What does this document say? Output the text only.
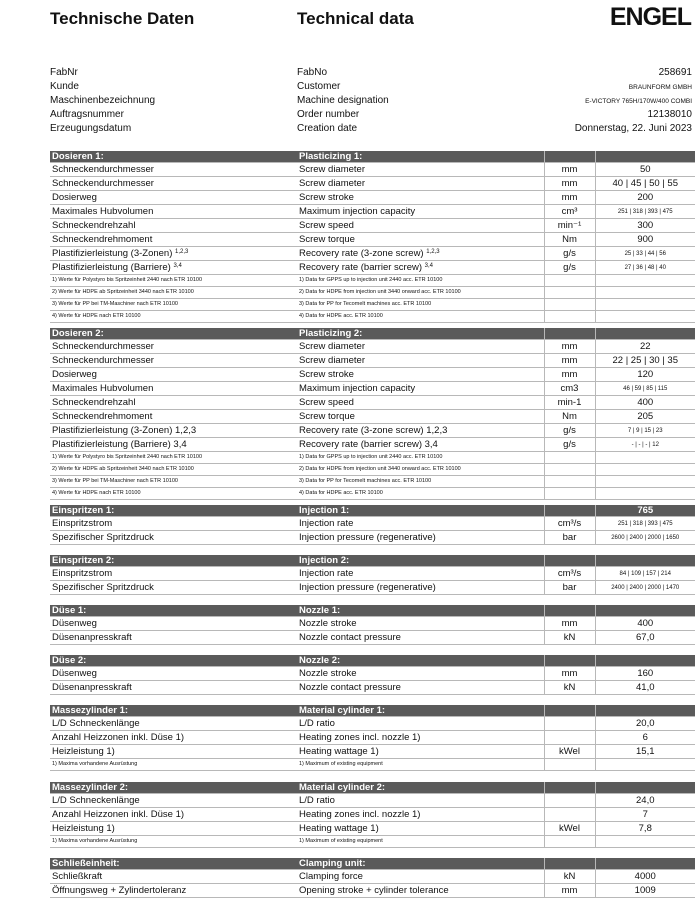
Technische Daten	Technical data	ENGEL
FabNr	FabNo	258691
Kunde	Customer	BRAUNFORM GMBH
Maschinenbezeichnung	Machine designation	E-VICTORY 765H/170W/400 COMBI
Auftragsnummer	Order number	12138010
Erzeugungsdatum	Creation date	Donnerstag, 22. Juni 2023
Dosieren 1:	Plasticizing 1:		
Schneckendurchmesser	Screw diameter	mm	50
Schneckendurchmesser	Screw diameter	mm	40 | 45 | 50 | 55
Dosierweg	Screw stroke	mm	200
Maximales Hubvolumen	Maximum injection capacity	cm³	251 | 318 | 393 | 475
Schneckendrehzahl	Screw speed	min⁻¹	300
Schneckendrehmoment	Screw torque	Nm	900
Plastifizierleistung (3-Zonen) $^{1,2,3}$	Recovery rate (3-zone screw) $^{1,2,3}$	g/s	25 | 33 | 44 | 56
Plastifizierleistung (Barriere) $^{3,4}$	Recovery rate (barrier screw) $^{3,4}$	g/s	27 | 36 | 48 | 40
1) Werte für Polystyro bis Spritzeinheit 2440 nach ETR 10100	1) Data for GPPS up to injection unit 2440 acc. ETR 10100		
2) Werte für HDPE ab Spritzeinheit 3440 nach ETR 10100	2) Data for HDPE from injection unit 3440 onward acc. ETR 10100		
3) Werte für PP bei TM-Maschiner nach ETR 10100	3) Data for PP for Tecomelt machines acc. ETR 10100		
4) Werte für HDPE nach ETR 10100	4) Data for HDPE acc. ETR 10100		
Dosieren 2:	Plasticizing 2:		
Schneckendurchmesser	Screw diameter	mm	22
Schneckendurchmesser	Screw diameter	mm	22 | 25 | 30 | 35
Dosierweg	Screw stroke	mm	120
Maximales Hubvolumen	Maximum injection capacity	cm3	46 | 59 | 85 | 115
Schneckendrehzahl	Screw speed	min-1	400
Schneckendrehmoment	Screw torque	Nm	205
Plastifizierleistung (3-Zonen) 1,2,3	Recovery rate (3-zone screw) 1,2,3	g/s	7 | 9 | 15 | 23
Plastifizierleistung (Barriere) 3,4	Recovery rate (barrier screw) 3,4	g/s	- | - | - | 12
1) Werte für Polystyro bis Spritzeinheit 2440 nach ETR 10100	1) Data for GPPS up to injection unit 2440 acc. ETR 10100		
2) Werte für HDPE ab Spritzeinheit 3440 nach ETR 10100	2) Data for HDPE from injection unit 3440 onward acc. ETR 10100		
3) Werte für PP bei TM-Maschiner nach ETR 10100	3) Data for PP for Tecomelt machines acc. ETR 10100		
4) Werte für HDPE nach ETR 10100	4) Data for HDPE acc. ETR 10100		
Einspritzen 1:	Injection 1:		765
Einspritzstrom	Injection rate	cm³/s	251 | 318 | 393 | 475
Spezifischer Spritzdruck	Injection pressure (regenerative)	bar	2600 | 2400 | 2000 | 1650
Einspritzen 2:	Injection 2:		
Einspritzstrom	Injection rate	cm³/s	84 | 109 | 157 | 214
Spezifischer Spritzdruck	Injection pressure (regenerative)	bar	2400 | 2400 | 2000 | 1470
Düse 1:	Nozzle 1:		
Düsenweg	Nozzle stroke	mm	400
Düsenanpresskraft	Nozzle contact pressure	kN	67,0
Düse 2:	Nozzle 2:		
Düsenweg	Nozzle stroke	mm	160
Düsenanpresskraft	Nozzle contact pressure	kN	41,0
Massezylinder 1:	Material cylinder 1:		
L/D Schneckenlänge	L/D ratio		20,0
Anzahl Heizzonen inkl. Düse 1)	Heating zones incl. nozzle 1)		6
Heizleistung 1)	Heating wattage 1)	kWel	15,1
1) Maxima vorhandene Ausrüstung	1) Maximum of existing equipment		
Massezylinder 2:	Material cylinder 2:		
L/D Schneckenlänge	L/D ratio		24,0
Anzahl Heizzonen inkl. Düse 1)	Heating zones incl. nozzle 1)		7
Heizleistung 1)	Heating wattage 1)	kWel	7,8
1) Maxima vorhandene Ausrüstung	1) Maximum of existing equipment		
Schließeinheit:	Clamping unit:		
Schließkraft	Clamping force	kN	4000
Öffnungsweg + Zylindertoleranz	Opening stroke + cylinder tolerance	mm	1009
